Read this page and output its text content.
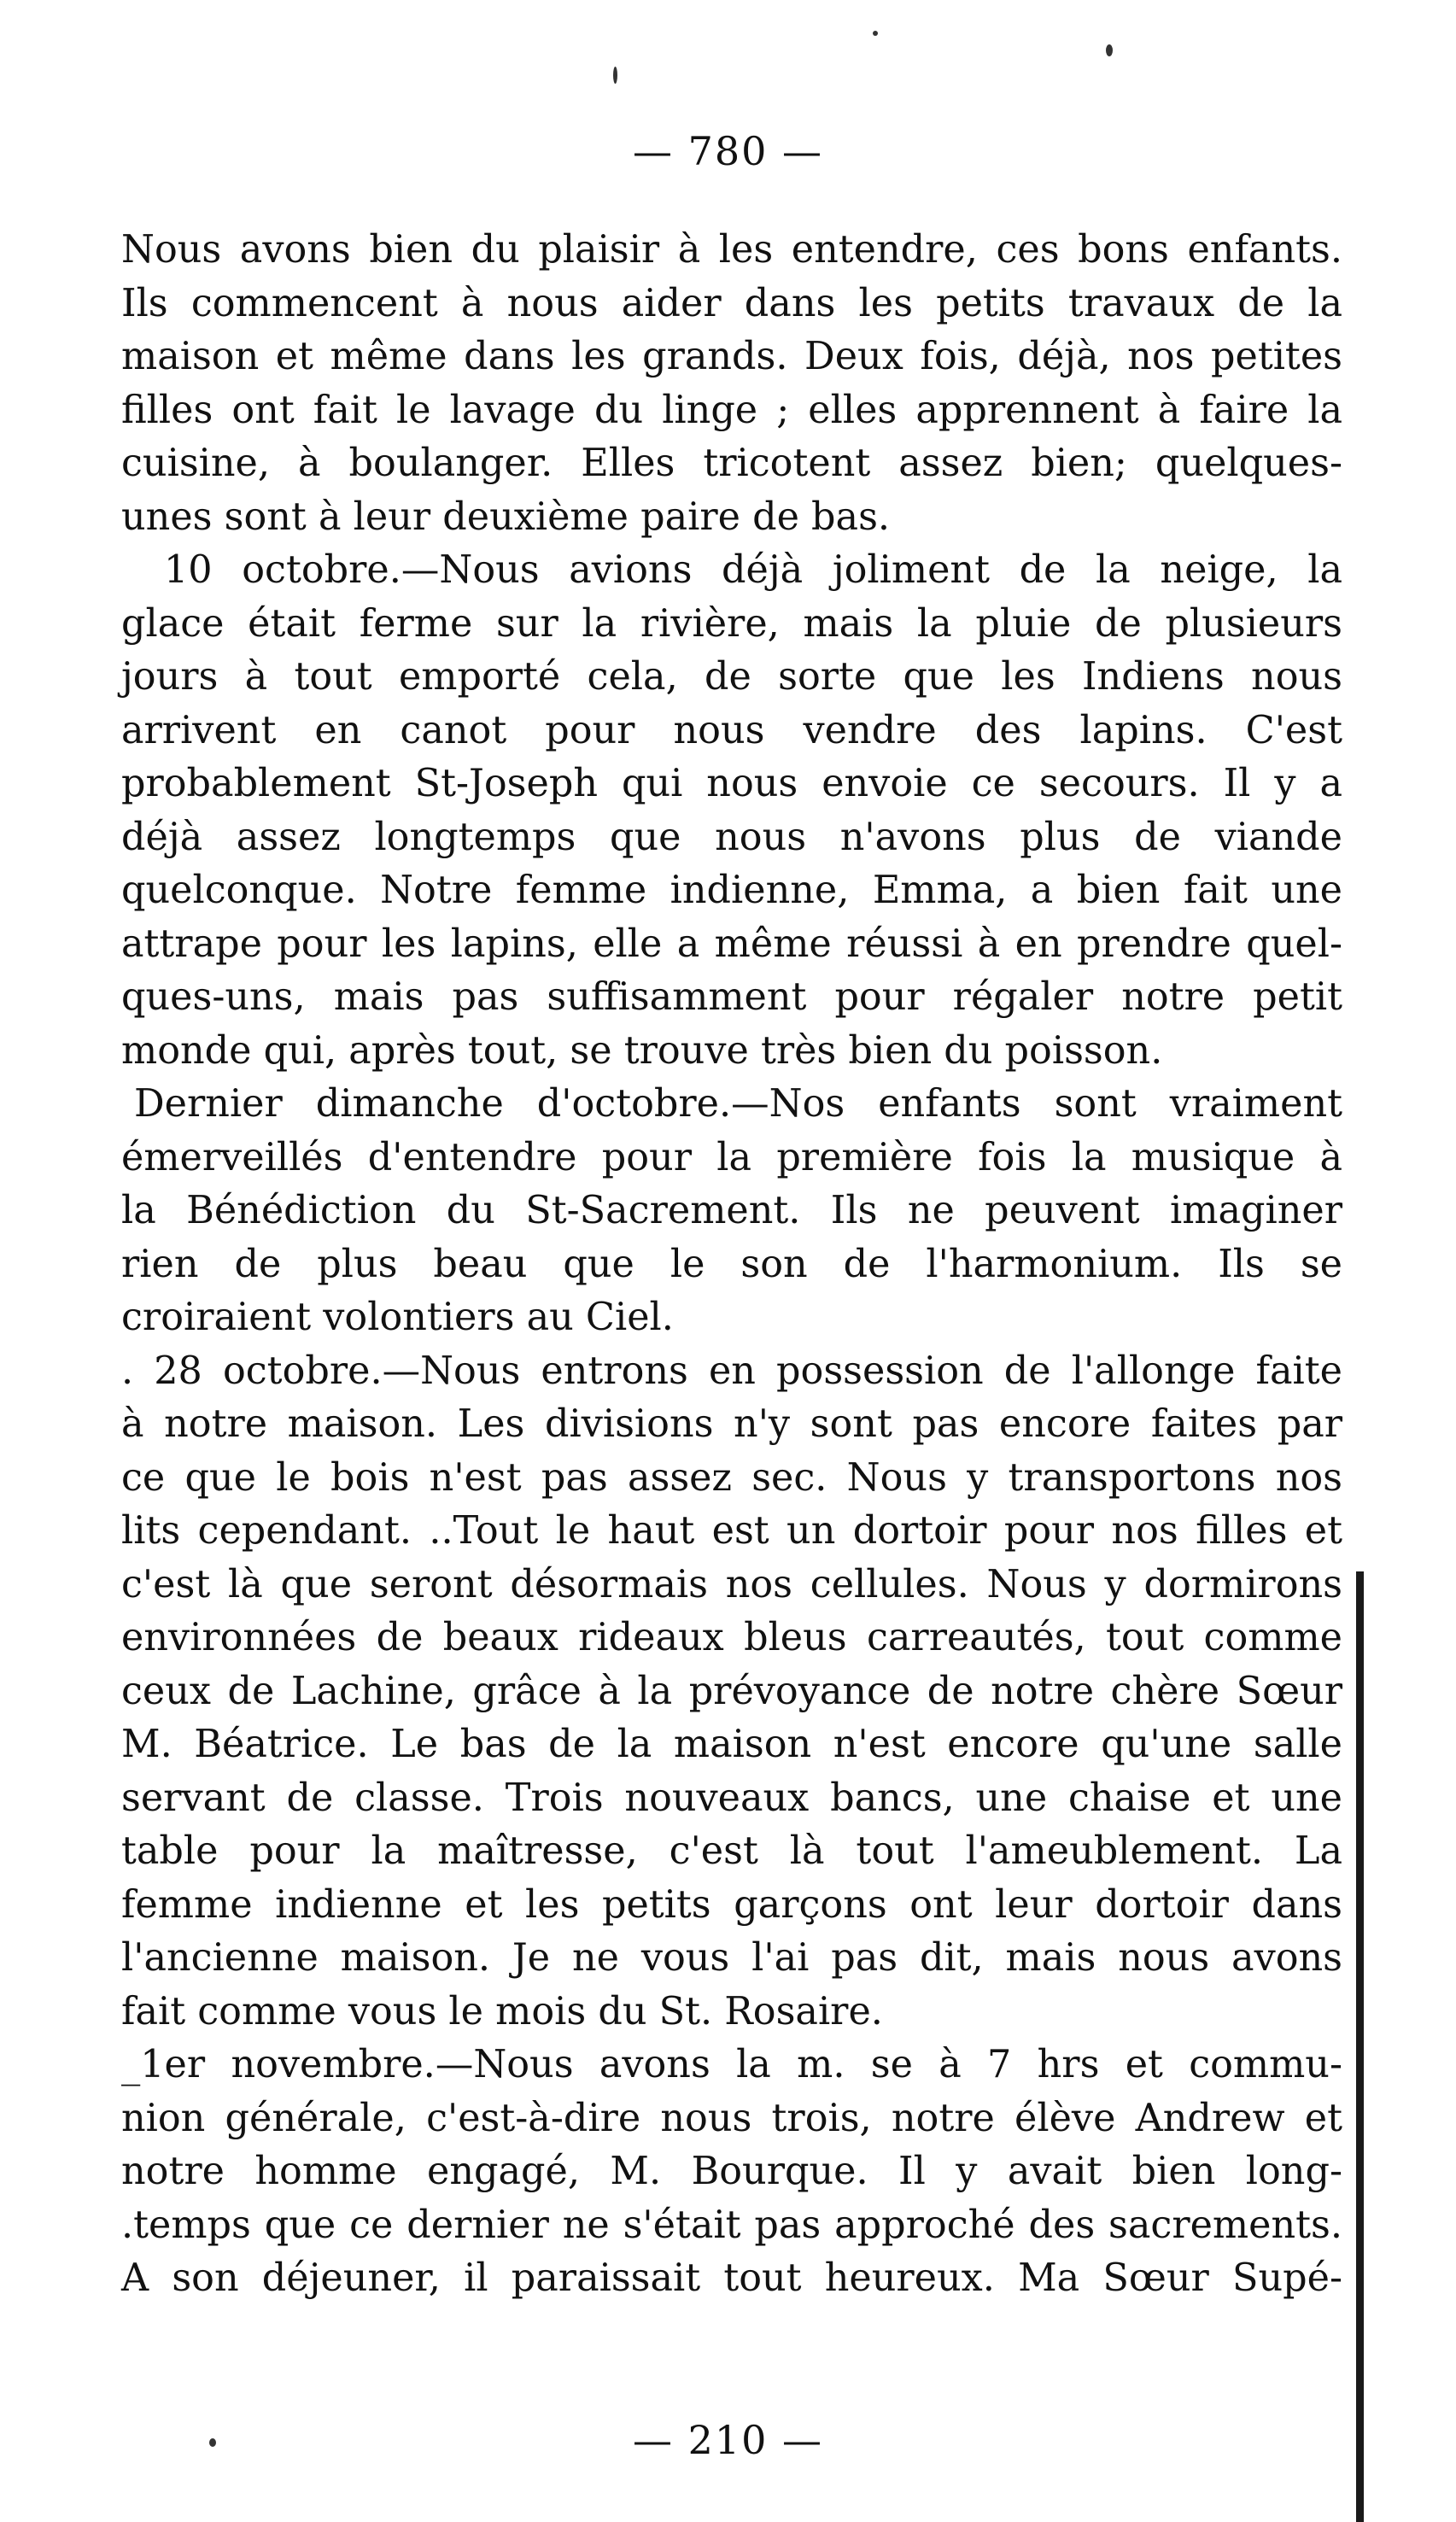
— 780 —
Nous avons bien du plaisir à les entendre, ces bons enfants.
Ils commencent à nous aider dans les petits travaux de la
maison et même dans les grands. Deux fois, déjà, nos petites
filles ont fait le lavage du linge ; elles apprennent à faire la
cuisine, à boulanger. Elles tricotent assez bien; quelques-
unes sont à leur deuxième paire de bas.
10 octobre.—Nous avions déjà joliment de la neige, la
glace était ferme sur la rivière, mais la pluie de plusieurs
jours à tout emporté cela, de sorte que les Indiens nous
arrivent en canot pour nous vendre des lapins. C'est
probablement St-Joseph qui nous envoie ce secours. Il y a
déjà assez longtemps que nous n'avons plus de viande
quelconque. Notre femme indienne, Emma, a bien fait une
attrape pour les lapins, elle a même réussi à en prendre quel-
ques-uns, mais pas suffisamment pour régaler notre petit
monde qui, après tout, se trouve très bien du poisson.
Dernier dimanche d'octobre.—Nos enfants sont vraiment
émerveillés d'entendre pour la première fois la musique à
la Bénédiction du St-Sacrement. Ils ne peuvent imaginer
rien de plus beau que le son de l'harmonium. Ils se
croiraient volontiers au Ciel.
. 28 octobre.—Nous entrons en possession de l'allonge faite
à notre maison. Les divisions n'y sont pas encore faites par
ce que le bois n'est pas assez sec. Nous y transportons nos
lits cependant. ..Tout le haut est un dortoir pour nos filles et
c'est là que seront désormais nos cellules. Nous y dormirons
environnées de beaux rideaux bleus carreautés, tout comme
ceux de Lachine, grâce à la prévoyance de notre chère Sœur
M. Béatrice. Le bas de la maison n'est encore qu'une salle
servant de classe. Trois nouveaux bancs, une chaise et une
table pour la maîtresse, c'est là tout l'ameublement. La
femme indienne et les petits garçons ont leur dortoir dans
l'ancienne maison. Je ne vous l'ai pas dit, mais nous avons
fait comme vous le mois du St. Rosaire.
_1er novembre.—Nous avons la m. se à 7 hrs et commu-
nion générale, c'est-à-dire nous trois, notre élève Andrew et
notre homme engagé, M. Bourque. Il y avait bien long-
.temps que ce dernier ne s'était pas approché des sacrements.
A son déjeuner, il paraissait tout heureux. Ma Sœur Supé-
— 210 —
